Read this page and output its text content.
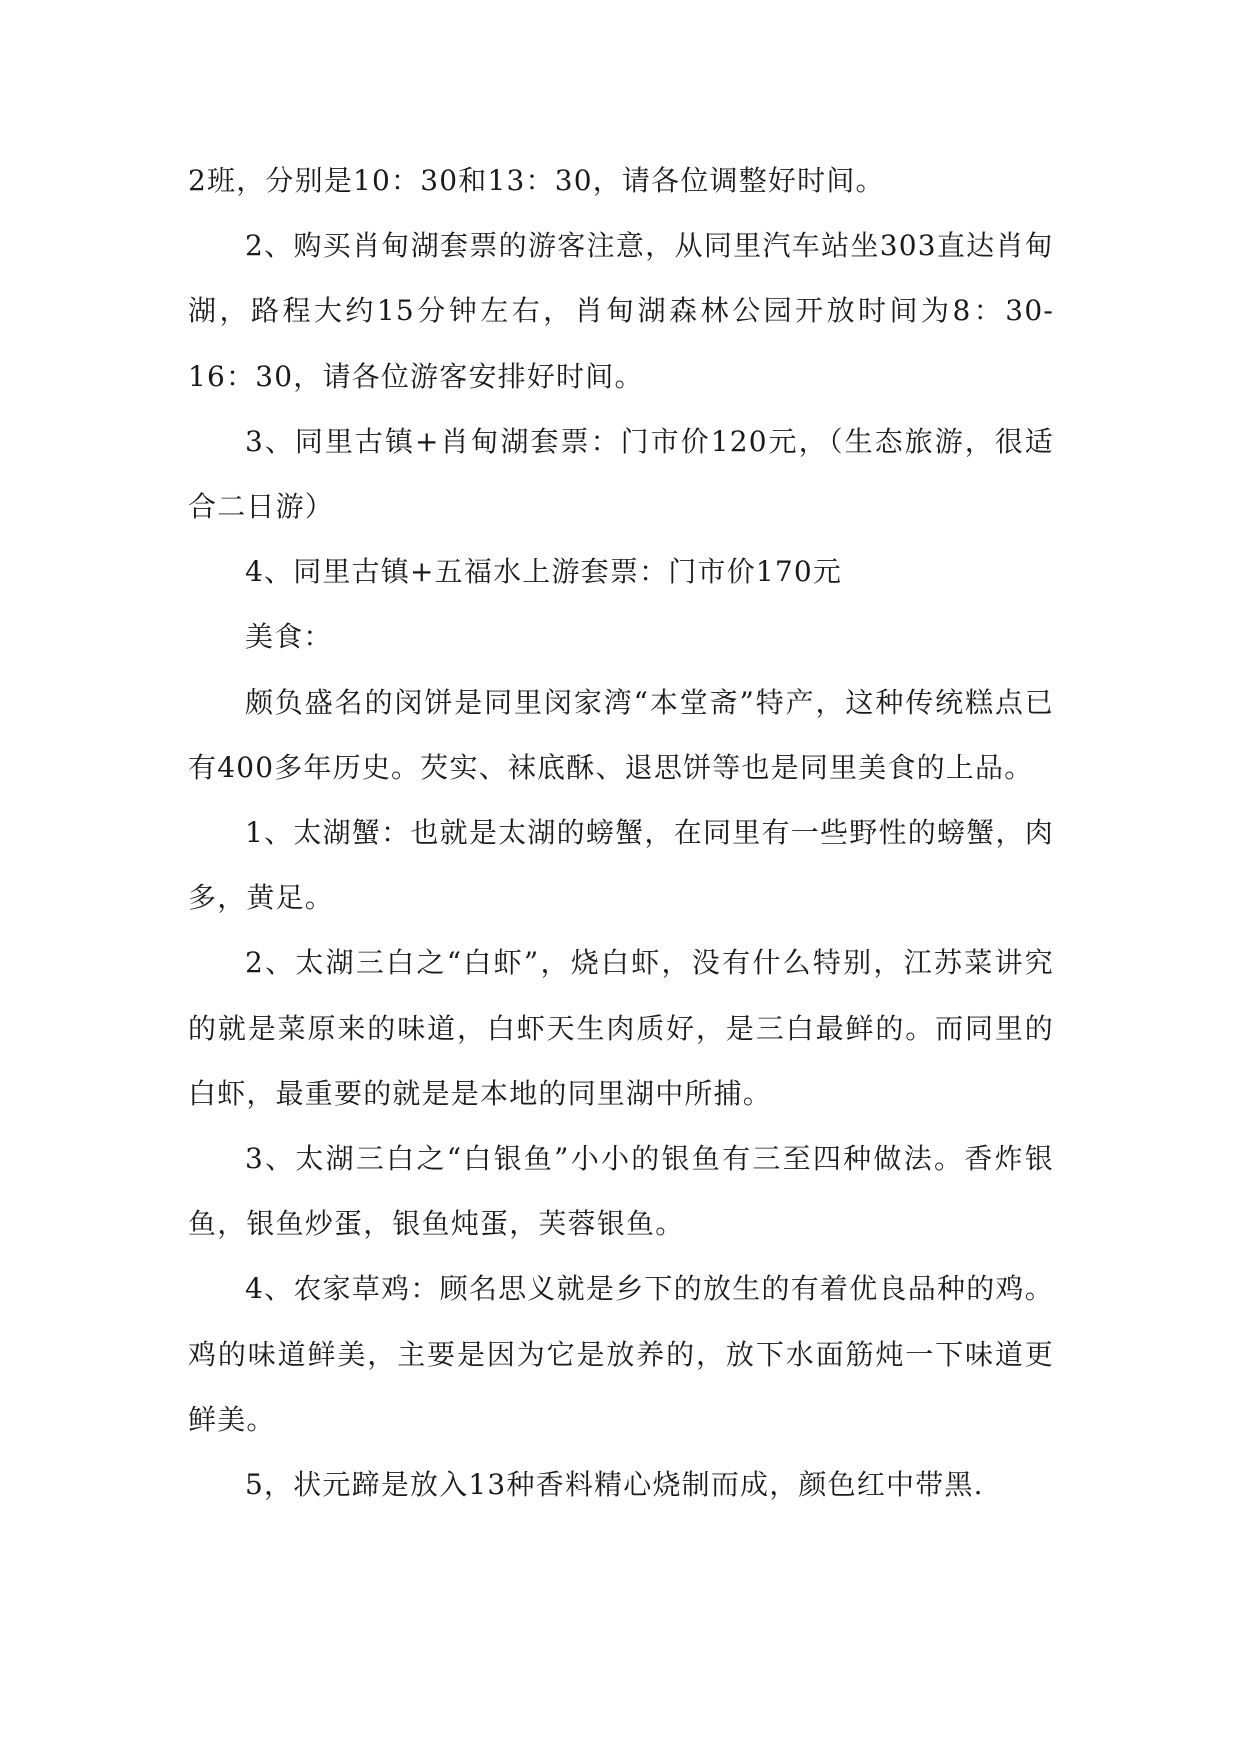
2班，分别是10：30和13：30，请各位调整好时间。

2、购买肖甸湖套票的游客注意，从同里汽车站坐303直达肖甸湖，路程大约15分钟左右，肖甸湖森林公园开放时间为8：30-16：30，请各位游客安排好时间。

3、同里古镇+肖甸湖套票：门市价120元，（生态旅游，很适合二日游）

4、同里古镇+五福水上游套票：门市价170元

美食：

颇负盛名的闵饼是同里闵家湾“本堂斋”特产，这种传统糕点已有400多年历史。芡实、袜底酥、退思饼等也是同里美食的上品。

1、太湖蟹：也就是太湖的螃蟹，在同里有一些野性的螃蟹，肉多，黄足。

2、太湖三白之“白虾”，烧白虾，没有什么特别，江苏菜讲究的就是菜原来的味道，白虾天生肉质好，是三白最鲜的。而同里的白虾，最重要的就是是本地的同里湖中所捕。

3、太湖三白之“白银鱼”小小的银鱼有三至四种做法。香炸银鱼，银鱼炒蛋，银鱼炖蛋，芙蓉银鱼。

4、农家草鸡：顾名思义就是乡下的放生的有着优良品种的鸡。鸡的味道鲜美，主要是因为它是放养的，放下水面筋炖一下味道更鲜美。

5，状元蹄是放入13种香料精心烧制而成，颜色红中带黑.
